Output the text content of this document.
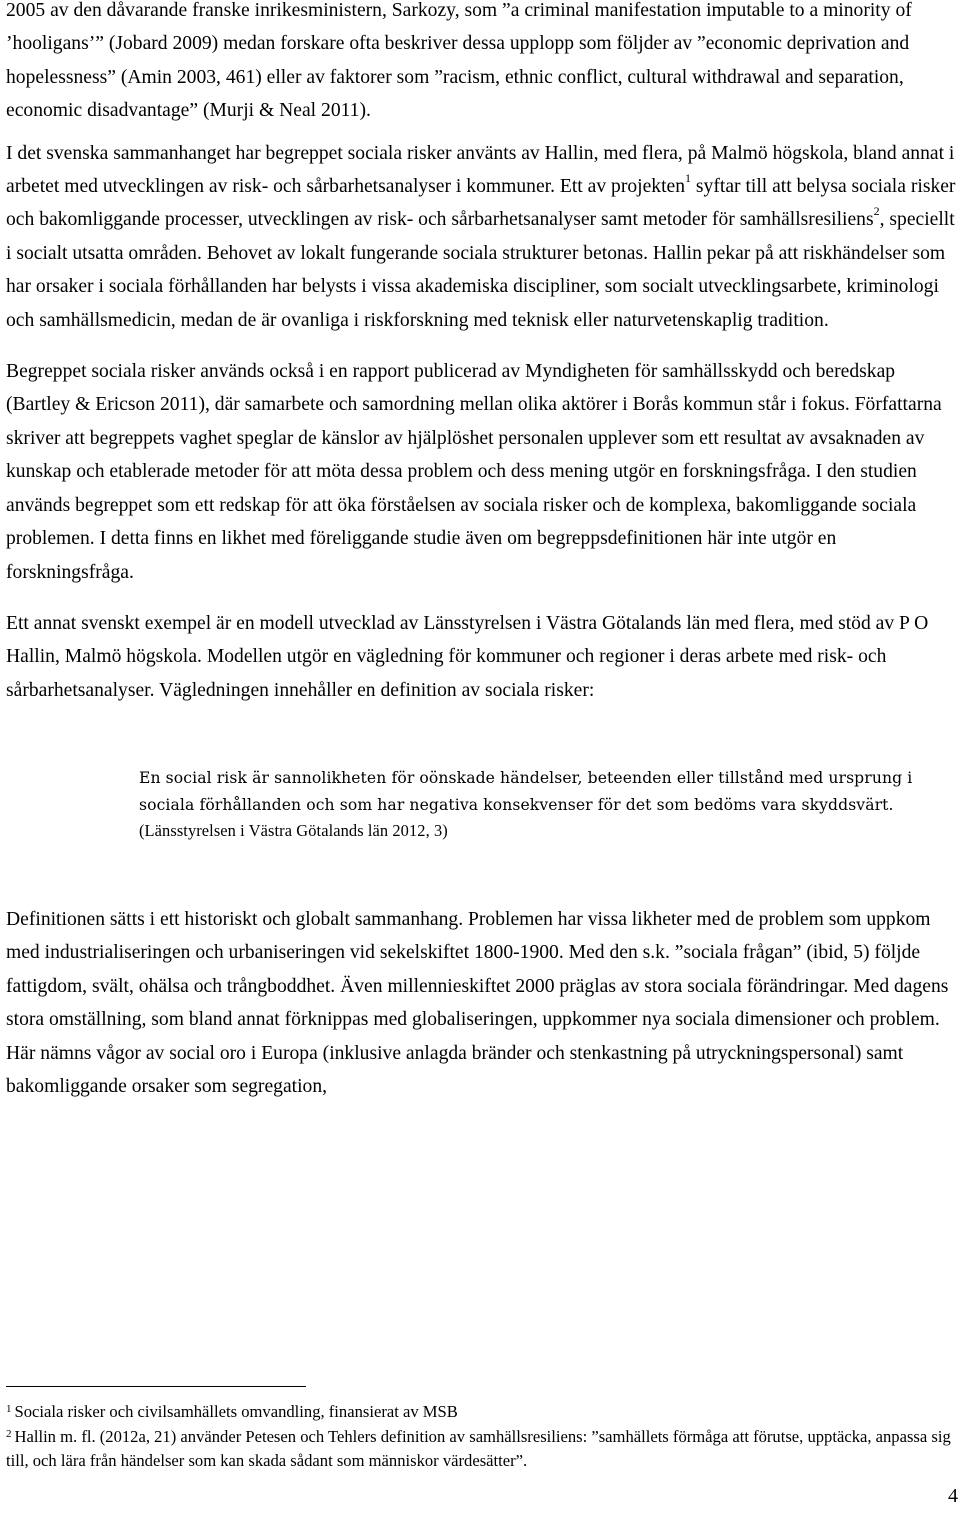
2005 av den dåvarande franske inrikesministern, Sarkozy, som ”a criminal manifestation imputable to a minority of ’hooligans’” (Jobard 2009) medan forskare ofta beskriver dessa upplopp som följder av ”economic deprivation and hopelessness” (Amin 2003, 461) eller av faktorer som ”racism, ethnic conflict, cultural withdrawal and separation, economic disadvantage” (Murji & Neal 2011).

I det svenska sammanhanget har begreppet sociala risker använts av Hallin, med flera, på Malmö högskola, bland annat i arbetet med utvecklingen av risk- och sårbarhetsanalyser i kommuner. Ett av projekten$^1$ syftar till att belysa sociala risker och bakomliggande processer, utvecklingen av risk- och sårbarhetsanalyser samt metoder för samhällsresiliens$^2$, speciellt i socialt utsatta områden. Behovet av lokalt fungerande sociala strukturer betonas. Hallin pekar på att riskhändelser som har orsaker i sociala förhållanden har belysts i vissa akademiska discipliner, som socialt utvecklingsarbete, kriminologi och samhällsmedicin, medan de är ovanliga i riskforskning med teknisk eller naturvetenskaplig tradition.

Begreppet sociala risker används också i en rapport publicerad av Myndigheten för samhällsskydd och beredskap (Bartley & Ericson 2011), där samarbete och samordning mellan olika aktörer i Borås kommun står i fokus. Författarna skriver att begreppets vaghet speglar de känslor av hjälplöshet personalen upplever som ett resultat av avsaknaden av kunskap och etablerade metoder för att möta dessa problem och dess mening utgör en forskningsfråga. I den studien används begreppet som ett redskap för att öka förståelsen av sociala risker och de komplexa, bakomliggande sociala problemen. I detta finns en likhet med föreliggande studie även om begreppsdefinitionen här inte utgör en forskningsfråga.

Ett annat svenskt exempel är en modell utvecklad av Länsstyrelsen i Västra Götalands län med flera, med stöd av P O Hallin, Malmö högskola. Modellen utgör en vägledning för kommuner och regioner i deras arbete med risk- och sårbarhetsanalyser. Vägledningen innehåller en definition av sociala risker:

En social risk är sannolikheten för oönskade händelser, beteenden eller tillstånd med ursprung i sociala förhållanden och som har negativa konsekvenser för det som bedöms vara skyddsvärt. (Länsstyrelsen i Västra Götalands län 2012, 3)

Definitionen sätts i ett historiskt och globalt sammanhang. Problemen har vissa likheter med de problem som uppkom med industrialiseringen och urbaniseringen vid sekelskiftet 1800-1900. Med den s.k. ”sociala frågan” (ibid, 5) följde fattigdom, svält, ohälsa och trångboddhet. Även millennieskiftet 2000 präglas av stora sociala förändringar. Med dagens stora omställning, som bland annat förknippas med globaliseringen, uppkommer nya sociala dimensioner och problem. Här nämns vågor av social oro i Europa (inklusive anlagda bränder och stenkastning på utryckningspersonal) samt bakomliggande orsaker som segregation,

$^1$ Sociala risker och civilsamhällets omvandling, finansierat av MSB

$^2$ Hallin m. fl. (2012a, 21) använder Petesen och Tehlers definition av samhällsresiliens: ”samhällets förmåga att förutse, upptäcka, anpassa sig till, och lära från händelser som kan skada sådant som människor värdesätter”.

4
